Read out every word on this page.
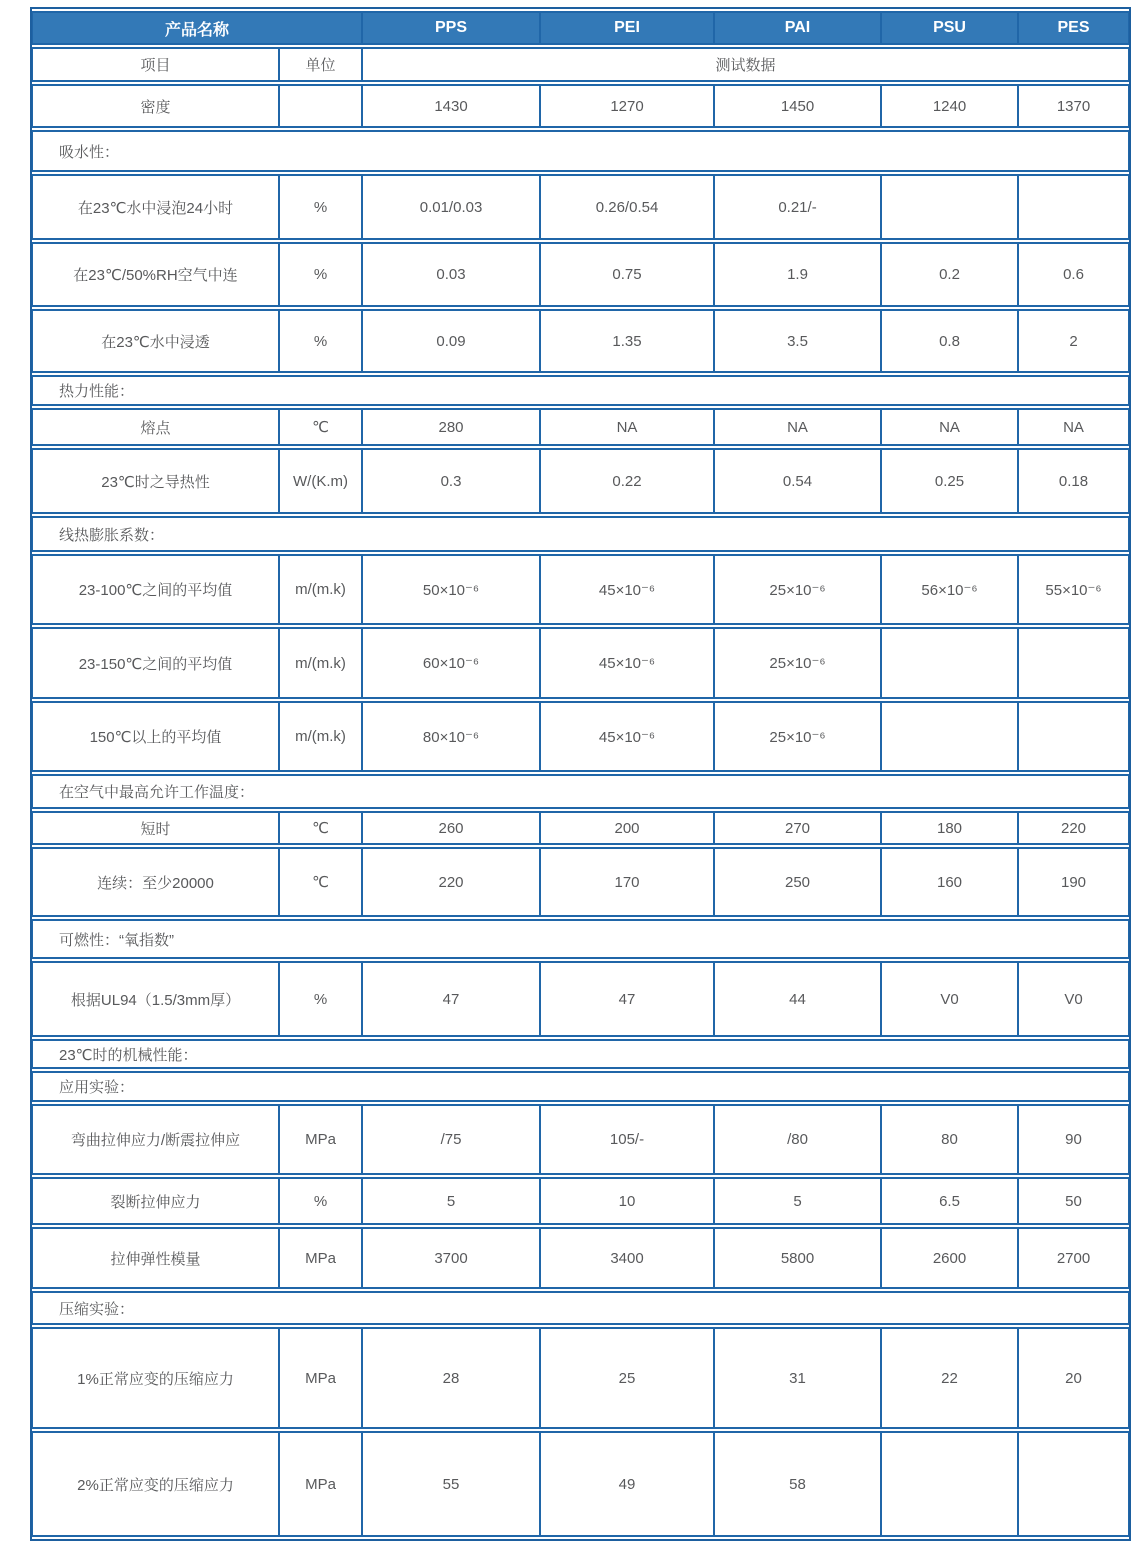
产品名称		PPS	PEI	PAI	PSU	PES
项目	单位	测试数据				
密度		1430	1270	1450	1240	1370
吸水性：						
在23℃水中浸泡24小时	%	0.01/0.03	0.26/0.54	0.21/-		
在23℃/50%RH空气中连	%	0.03	0.75	1.9	0.2	0.6
在23℃水中浸透	%	0.09	1.35	3.5	0.8	2
热力性能：						
熔点	℃	280	NA	NA	NA	NA
23℃时之导热性	W/(K.m)	0.3	0.22	0.54	0.25	0.18
线热膨胀系数：						
23-100℃之间的平均值	m/(m.k)	50×10⁻⁶	45×10⁻⁶	25×10⁻⁶	56×10⁻⁶	55×10⁻⁶
23-150℃之间的平均值	m/(m.k)	60×10⁻⁶	45×10⁻⁶	25×10⁻⁶		
150℃以上的平均值	m/(m.k)	80×10⁻⁶	45×10⁻⁶	25×10⁻⁶		
在空气中最高允许工作温度：						
短时	℃	260	200	270	180	220
连续：至少20000	℃	220	170	250	160	190
可燃性：“氧指数”						
根据UL94（1.5/3mm厚）	%	47	47	44	V0	V0
23℃时的机械性能：						
应用实验：						
弯曲拉伸应力/断震拉伸应	MPa	/75	105/-	/80	80	90
裂断拉伸应力	%	5	10	5	6.5	50
拉伸弹性模量	MPa	3700	3400	5800	2600	2700
压缩实验：						
1%正常应变的压缩应力	MPa	28	25	31	22	20
2%正常应变的压缩应力	MPa	55	49	58		
